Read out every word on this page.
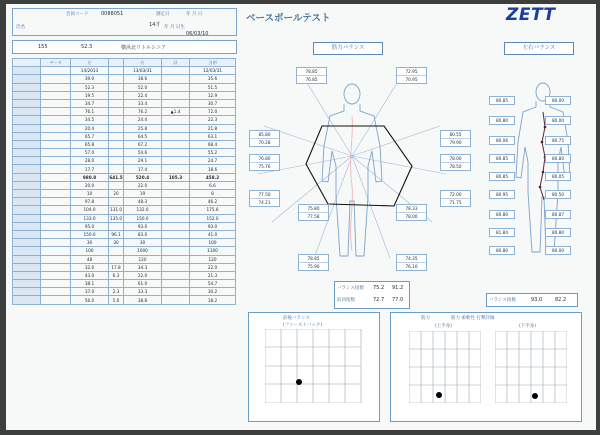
会員コード	0088051	測定日	年 月 日
氏名	14才 年 月 日生
06/03/10
155	52.3	横浜北リトルシニア
	データ	左		右	計	当初
		14/2013		13/03/31		12/03/31
		39.0		38.6		35.6
		52.3		52.0		51.5
		19.5		22.4		12.9
		34.7		33.4		30.7
		76.1		76.2	▲1.4	72.0
		34.5		24.4		22.3
		20.4		25.8		21.8
		65.7		64.5		63.1
		65.8		67.2		68.4
		57.0		54.6		55.2
		28.0		29.1		24.7
		17.7		17.4		18.6
		980.8	641.5	520.4	105.3	458.2
		20.0		22.0		6.6
		10	20	19		8
		97.8		48.3		46.2
		104.0	131.0	132.0		175.6
		133.0	135.0	150.0		152.0
		95.0		93.0		93.0
		150.0	96.1	83.0		41.0
		30	30	30		100
		100		1000		1100
		48		120		120
		32.0	17.8	34.3		22.0
		43.0	6.3	22.0		21.3
		38.1		61.0		54.7
		37.0	2.3	33.3		30.2
		56.0	5.0	38.8		18.2
ベースボールテスト	ZETT
筋力バランス	左右バランス
78.85
76.85
72.95
70.95
85.80
70.28
80.55
79.90
77.50
74.21
72.00
71.75
78.85
75.90
74.35
76.10
76.80
75.76
78.00
78.50
75.80
77.58
78.33
78.00
80.85	80.00
80.80	80.00
80.06	80.75
80.85	80.80
80.85	80.05
80.95	80.50
80.80	80.87
81.84	80.80
80.80	80.00
バランス指数 75.2 91.2
前回指数	72.7 77.0	バランス指数	93.0	82.2
前後バランス
(ファーストバック)
筋力	筋力 柔軟性 打撃評価
(上半身)	(下半身)
